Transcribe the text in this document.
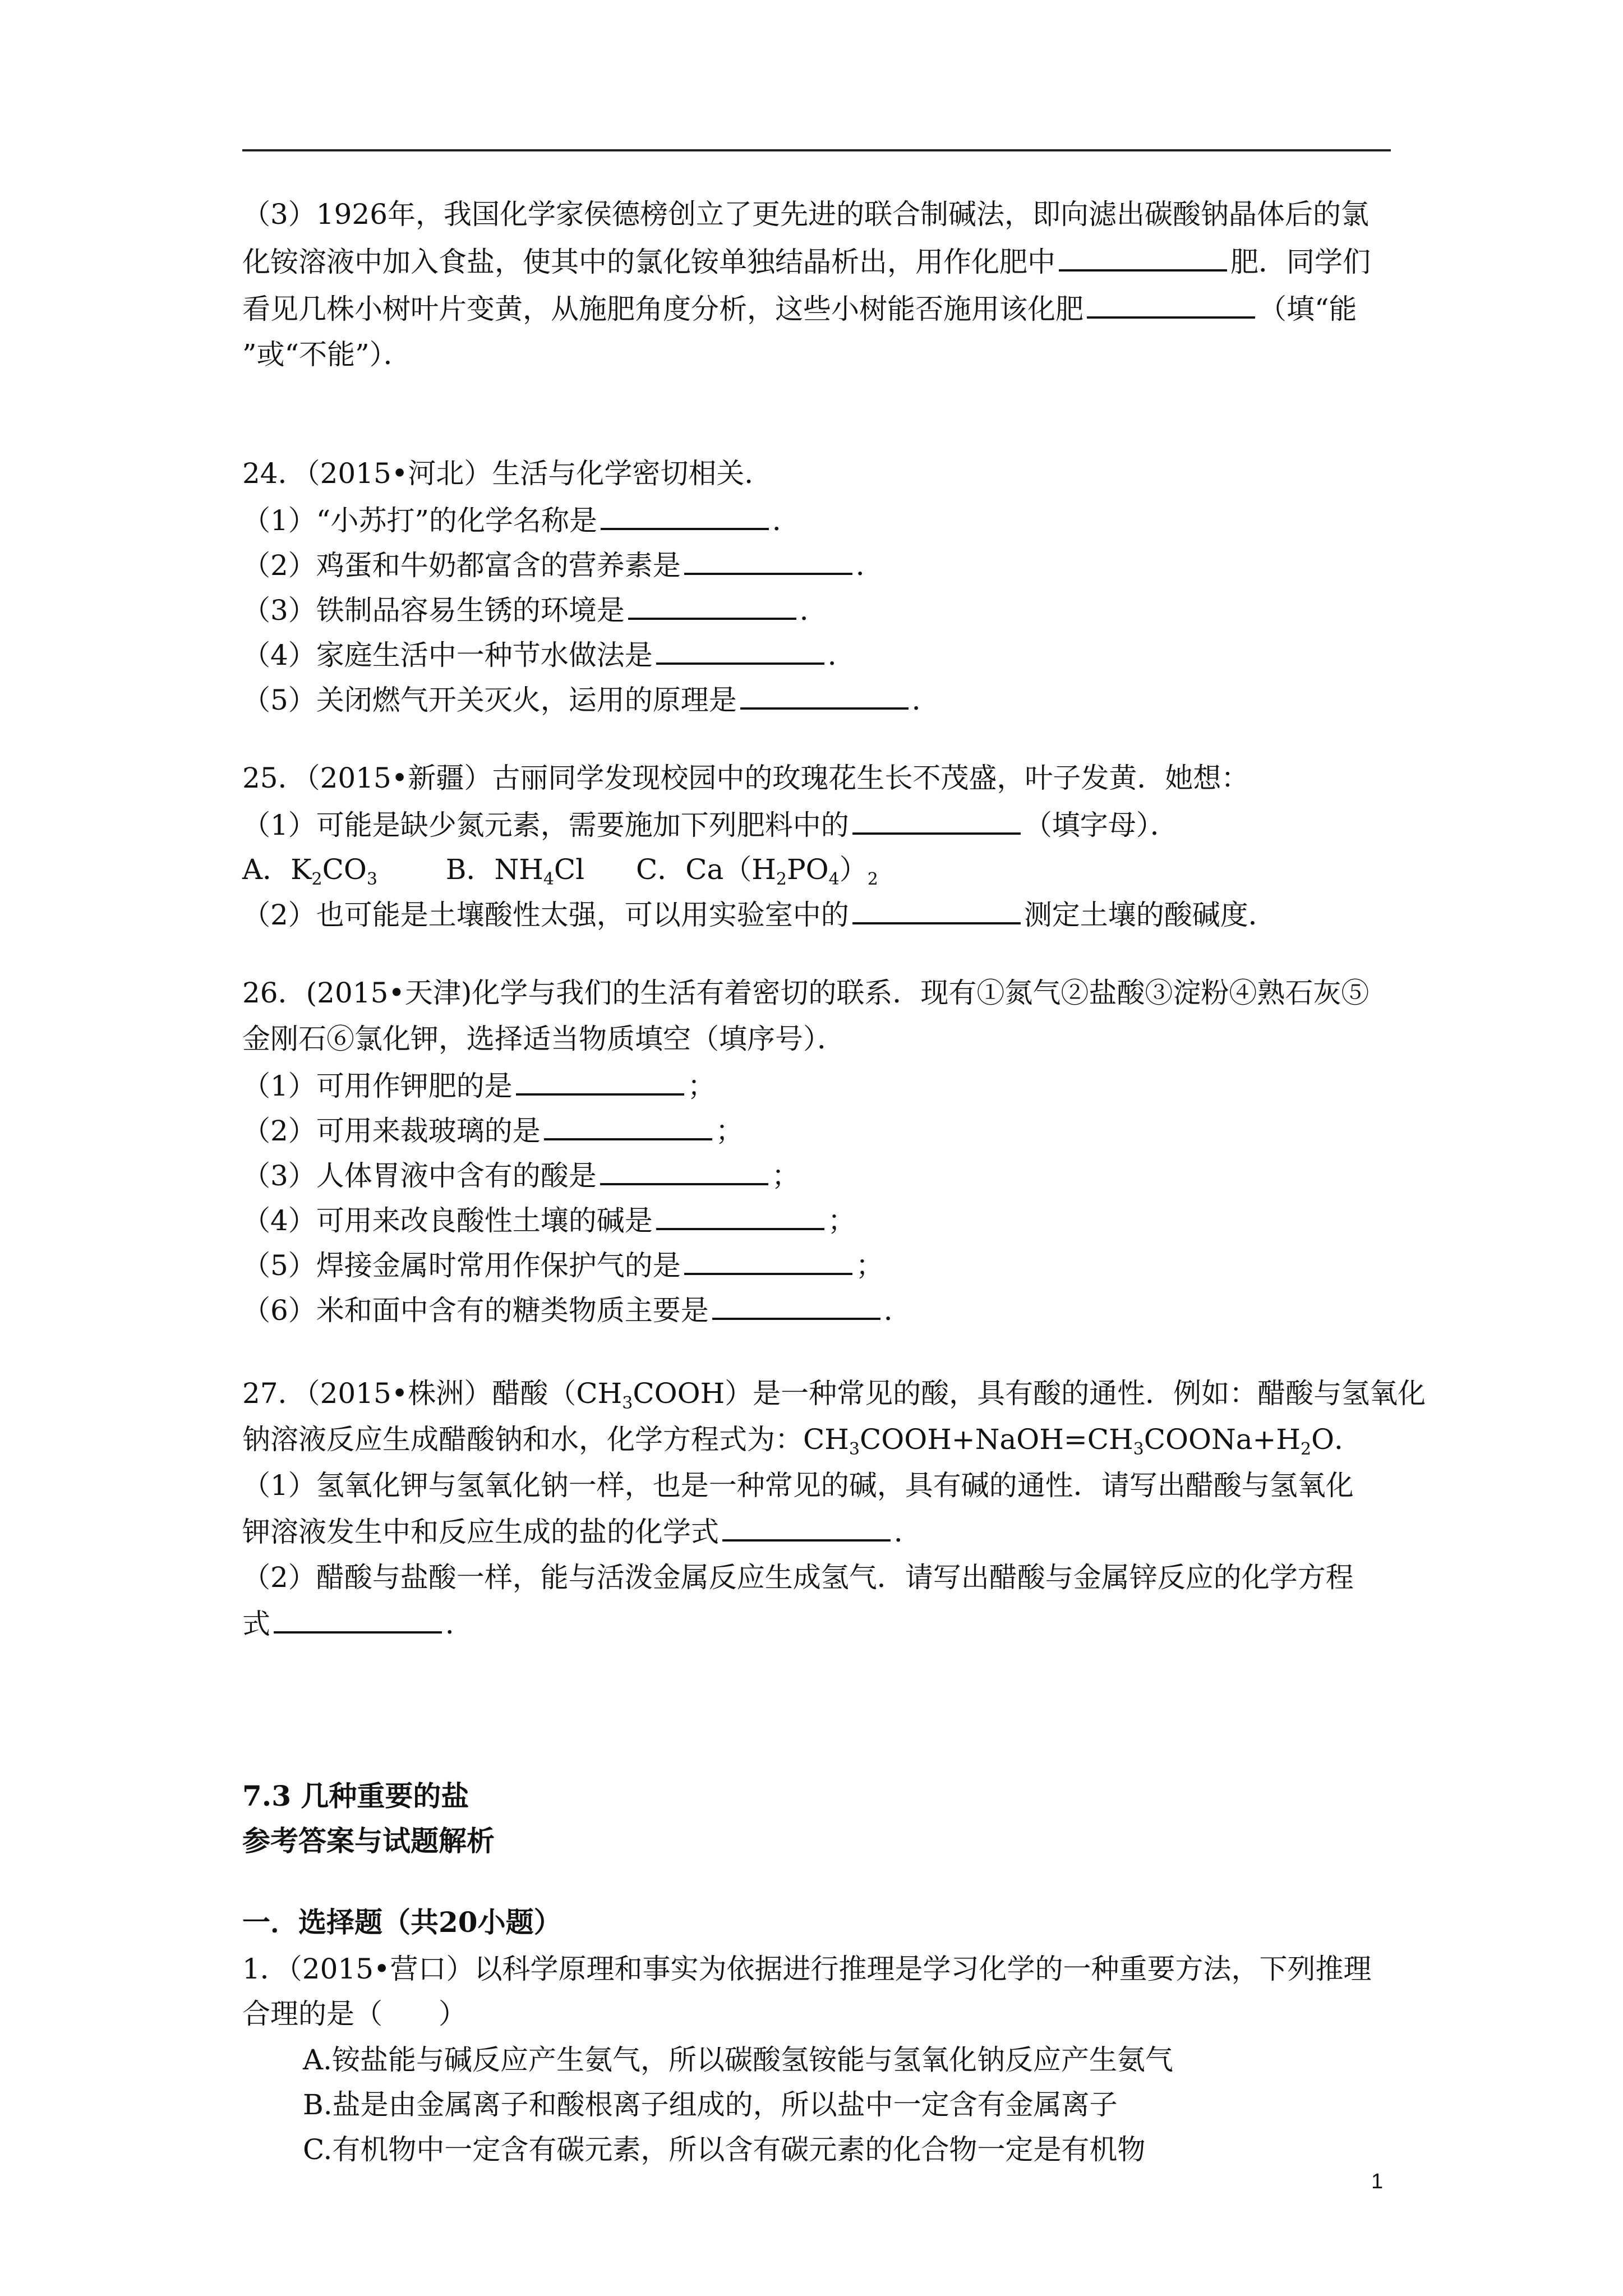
（3）1926年，我国化学家侯德榜创立了更先进的联合制碱法，即向滤出碳酸钠晶体后的氯
化铵溶液中加入食盐，使其中的氯化铵单独结晶析出，用作化肥中	肥．同学们
看见几株小树叶片变黄，从施肥角度分析，这些小树能否施用该化肥	（填“能
”或“不能”）．
24．（2015•河北）生活与化学密切相关．
（1）“小苏打”的化学名称是	．
（2）鸡蛋和牛奶都富含的营养素是	．
（3）铁制品容易生锈的环境是	．
（4）家庭生活中一种节水做法是	．
（5）关闭燃气开关灭火，运用的原理是	．
25．（2015•新疆）古丽同学发现校园中的玫瑰花生长不茂盛，叶子发黄．她想：
（1）可能是缺少氮元素，需要施加下列肥料中的	（填字母）．
A．$K_2CO_3$ B．$NH_4Cl$ C．$Ca(H_2PO_4)_2$
（2）也可能是土壤酸性太强，可以用实验室中的	测定土壤的酸碱度．
26．(2015•天津)化学与我们的生活有着密切的联系．现有①氮气②盐酸③淀粉④熟石灰⑤
金刚石⑥氯化钾，选择适当物质填空（填序号）．
（1）可用作钾肥的是	；
（2）可用来裁玻璃的是	；
（3）人体胃液中含有的酸是	；
（4）可用来改良酸性土壤的碱是	；
（5）焊接金属时常用作保护气的是	；
（6）米和面中含有的糖类物质主要是	．
27．（2015•株洲）醋酸$(CH_3COOH)$是一种常见的酸，具有酸的通性．例如：醋酸与氢氧化
钠溶液反应生成醋酸钠和水，化学方程式为：$CH_3COOH+NaOH=CH_3COONa+H_2O$．
（1）氢氧化钾与氢氧化钠一样，也是一种常见的碱，具有碱的通性．请写出醋酸与氢氧化
钾溶液发生中和反应生成的盐的化学式	．
（2）醋酸与盐酸一样，能与活泼金属反应生成氢气．请写出醋酸与金属锌反应的化学方程
式	．
7.3 几种重要的盐
参考答案与试题解析
一．选择题（共20小题）
1．（2015•营口）以科学原理和事实为依据进行推理是学习化学的一种重要方法，下列推理
合理的是（　　）
A.铵盐能与碱反应产生氨气，所以碳酸氢铵能与氢氧化钠反应产生氨气
B.盐是由金属离子和酸根离子组成的，所以盐中一定含有金属离子
C.有机物中一定含有碳元素，所以含有碳元素的化合物一定是有机物
1
